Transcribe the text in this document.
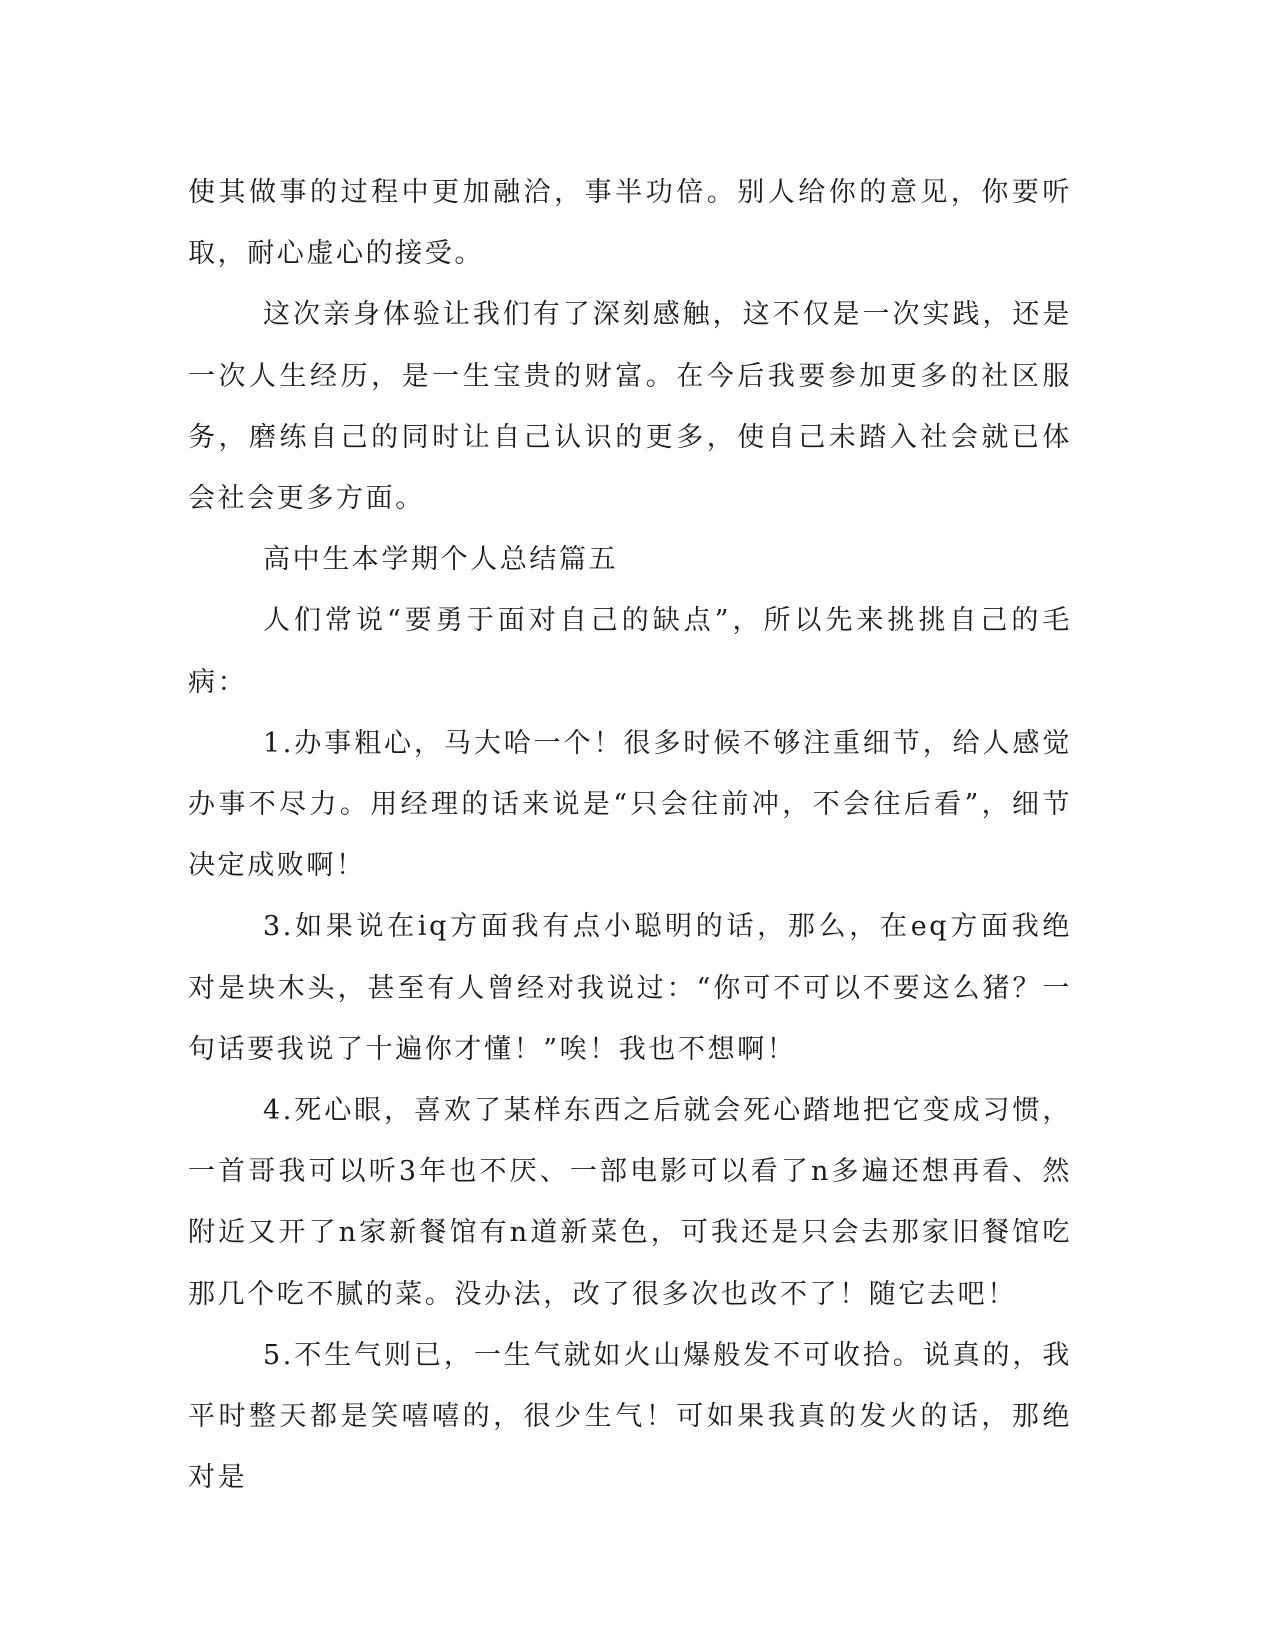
使其做事的过程中更加融洽，事半功倍。别人给你的意见，你要听取，耐心虚心的接受。

这次亲身体验让我们有了深刻感触，这不仅是一次实践，还是一次人生经历，是一生宝贵的财富。在今后我要参加更多的社区服务，磨练自己的同时让自己认识的更多，使自己未踏入社会就已体会社会更多方面。

高中生本学期个人总结篇五

人们常说“要勇于面对自己的缺点”，所以先来挑挑自己的毛病：

1.办事粗心，马大哈一个！很多时候不够注重细节，给人感觉办事不尽力。用经理的话来说是“只会往前冲，不会往后看”，细节决定成败啊！

3.如果说在iq方面我有点小聪明的话，那么，在eq方面我绝对是块木头，甚至有人曾经对我说过：“你可不可以不要这么猪？一句话要我说了十遍你才懂！”唉！我也不想啊！

4.死心眼，喜欢了某样东西之后就会死心踏地把它变成习惯，一首哥我可以听3年也不厌、一部电影可以看了n多遍还想再看、然附近又开了n家新餐馆有n道新菜色，可我还是只会去那家旧餐馆吃那几个吃不腻的菜。没办法，改了很多次也改不了！随它去吧！

5.不生气则已，一生气就如火山爆般发不可收拾。说真的，我平时整天都是笑嘻嘻的，很少生气！可如果我真的发火的话，那绝对是
